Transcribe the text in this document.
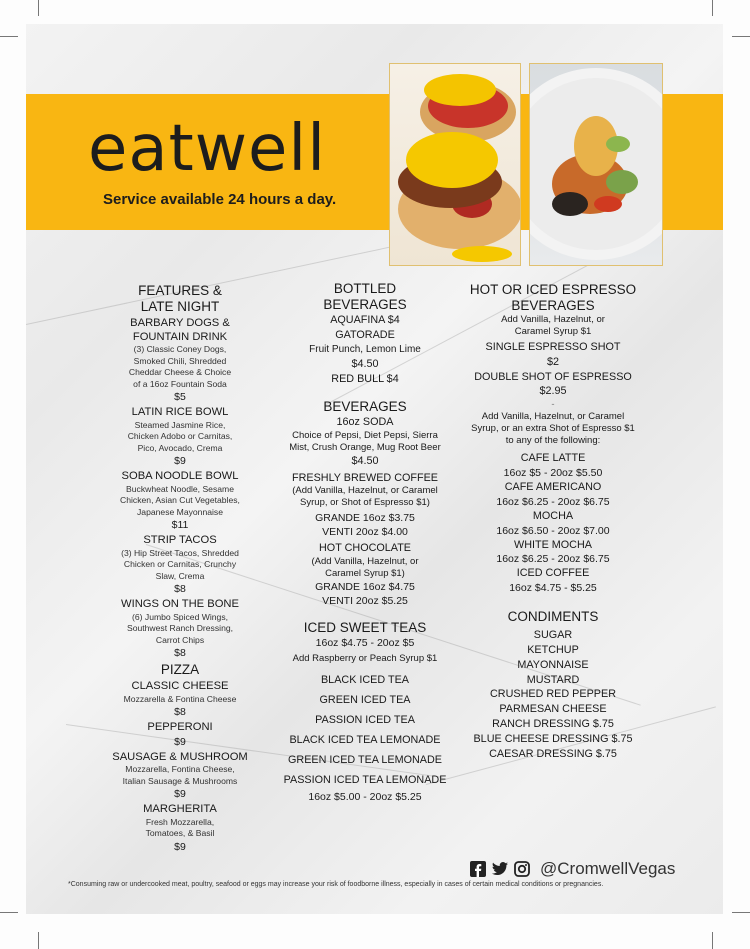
eatwell
Service available 24 hours a day.
FEATURES &
LATE NIGHT
BARBARY DOGS &
FOUNTAIN DRINK
(3) Classic Coney Dogs,
Smoked Chili, Shredded
Cheddar Cheese & Choice
of a 16oz Fountain Soda
$5
LATIN RICE BOWL
Steamed Jasmine Rice,
Chicken Adobo or Carnitas,
Pico, Avocado, Crema
$9
SOBA NOODLE BOWL
Buckwheat Noodle, Sesame
Chicken, Asian Cut Vegetables,
Japanese Mayonnaise
$11
STRIP TACOS
(3) Hip Street Tacos, Shredded
Chicken or Carnitas, Crunchy
Slaw, Crema
$8
WINGS ON THE BONE
(6) Jumbo Spiced Wings,
Southwest Ranch Dressing,
Carrot Chips
$8
PIZZA
CLASSIC CHEESE
Mozzarella & Fontina Cheese
$8
PEPPERONI
$9
SAUSAGE & MUSHROOM
Mozzarella, Fontina Cheese,
Italian Sausage & Mushrooms
$9
MARGHERITA
Fresh Mozzarella,
Tomatoes, & Basil
$9
BOTTLED
BEVERAGES
AQUAFINA $4
GATORADE
Fruit Punch, Lemon Lime
$4.50
RED BULL $4
BEVERAGES
16oz SODA
Choice of Pepsi, Diet Pepsi, Sierra
Mist, Crush Orange, Mug Root Beer
$4.50
FRESHLY BREWED COFFEE
(Add Vanilla, Hazelnut, or Caramel
Syrup, or Shot of Espresso $1)
GRANDE 16oz $3.75
VENTI 20oz $4.00
HOT CHOCOLATE
(Add Vanilla, Hazelnut, or
Caramel Syrup $1)
GRANDE 16oz $4.75
VENTI 20oz $5.25
ICED SWEET TEAS
16oz $4.75 - 20oz $5
Add Raspberry or Peach Syrup $1
BLACK ICED TEA
GREEN ICED TEA
PASSION ICED TEA
BLACK ICED TEA LEMONADE
GREEN ICED TEA LEMONADE
PASSION ICED TEA LEMONADE
16oz $5.00 - 20oz $5.25
HOT OR ICED ESPRESSO
BEVERAGES
Add Vanilla, Hazelnut, or
Caramel Syrup $1
SINGLE ESPRESSO SHOT
$2
DOUBLE SHOT OF ESPRESSO
$2.95
-
Add Vanilla, Hazelnut, or Caramel
Syrup, or an extra Shot of Espresso $1
to any of the following:
CAFE LATTE
16oz $5 - 20oz $5.50
CAFE AMERICANO
16oz $6.25 - 20oz $6.75
MOCHA
16oz $6.50 - 20oz $7.00
WHITE MOCHA
16oz $6.25 - 20oz $6.75
ICED COFFEE
16oz $4.75 - $5.25
CONDIMENTS
SUGAR
KETCHUP
MAYONNAISE
MUSTARD
CRUSHED RED PEPPER
PARMESAN CHEESE
RANCH DRESSING $.75
BLUE CHEESE DRESSING $.75
CAESAR DRESSING $.75
@CromwellVegas
*Consuming raw or undercooked meat, poultry, seafood or eggs may increase your risk of foodborne illness, especially in cases of certain medical conditions or pregnancies.
